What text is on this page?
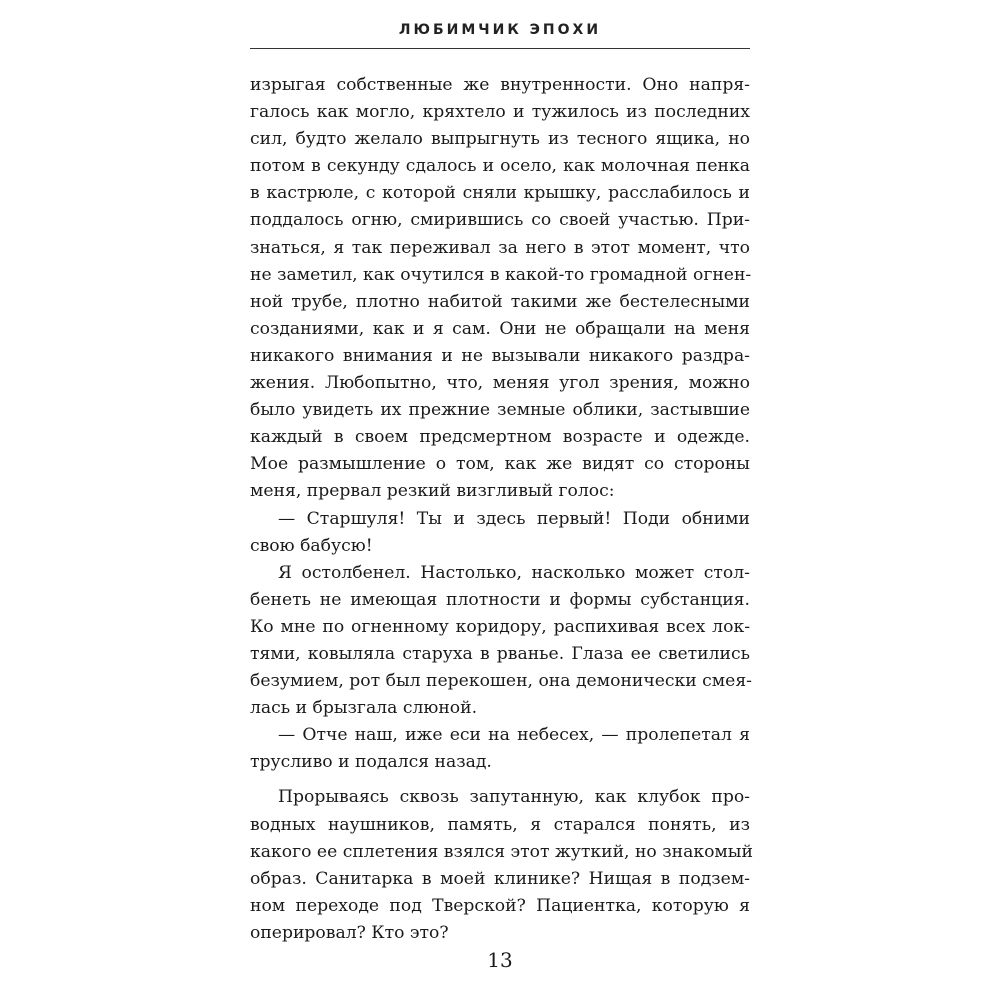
ЛЮБИМЧИК ЭПОХИ
изрыгая собственные же внутренности. Оно напря-
галось как могло, кряхтело и тужилось из последних
сил, будто желало выпрыгнуть из тесного ящика, но
потом в секунду сдалось и осело, как молочная пенка
в кастрюле, с которой сняли крышку, расслабилось и
поддалось огню, смирившись со своей участью. При-
знаться, я так переживал за него в этот момент, что
не заметил, как очутился в какой-то громадной огнен-
ной трубе, плотно набитой такими же бестелесными
созданиями, как и я сам. Они не обращали на меня
никакого внимания и не вызывали никакого раздра-
жения. Любопытно, что, меняя угол зрения, можно
было увидеть их прежние земные облики, застывшие
каждый в своем предсмертном возрасте и одежде.
Мое размышление о том, как же видят со стороны
меня, прервал резкий визгливый голос:
— Старшуля! Ты и здесь первый! Поди обними
свою бабусю!
Я остолбенел. Настолько, насколько может стол-
бенеть не имеющая плотности и формы субстанция.
Ко мне по огненному коридору, распихивая всех лок-
тями, ковыляла старуха в рванье. Глаза ее светились
безумием, рот был перекошен, она демонически смея-
лась и брызгала слюной.
— Отче наш, иже еси на небесех, — пролепетал я
трусливо и подался назад.
Прорываясь сквозь запутанную, как клубок про-
водных наушников, память, я старался понять, из
какого ее сплетения взялся этот жуткий, но знакомый
образ. Санитарка в моей клинике? Нищая в подзем-
ном переходе под Тверской? Пациентка, которую я
оперировал? Кто это?
13
